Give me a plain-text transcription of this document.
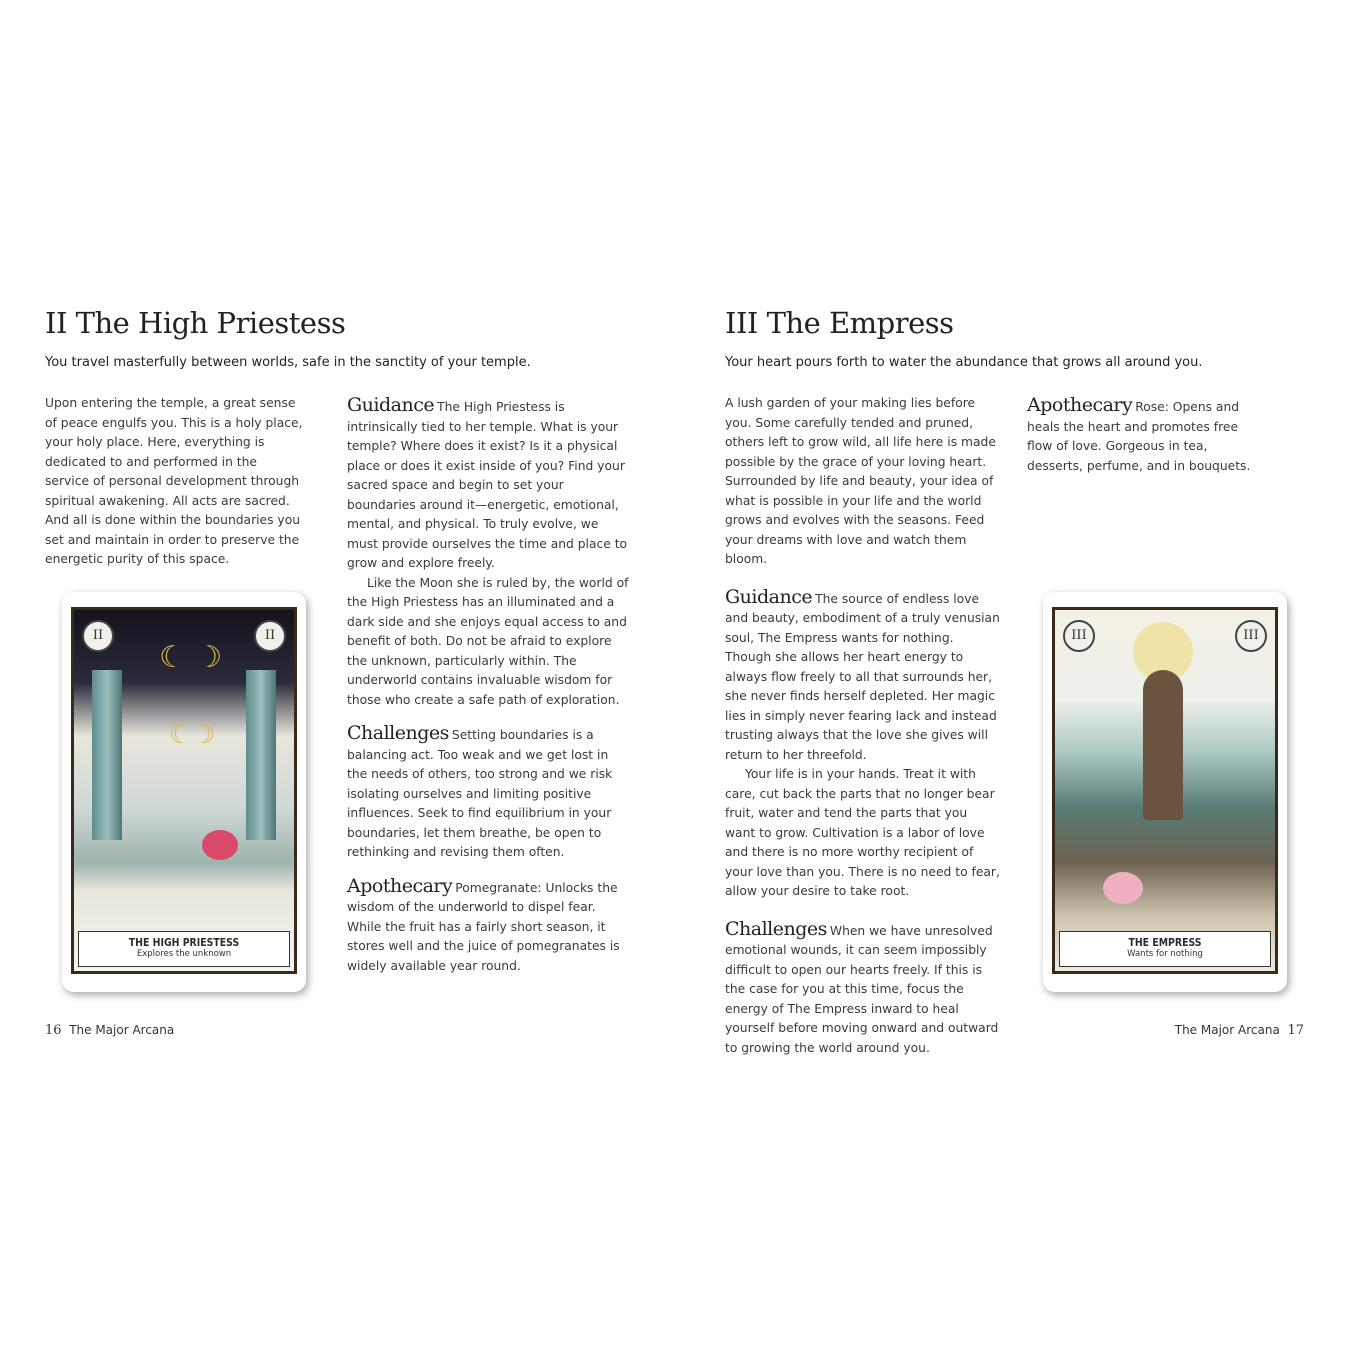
II The High Priestess
You travel masterfully between worlds, safe in the sanctity of your temple.

Upon entering the temple, a great sense of peace engulfs you. This is a holy place, your holy place. Here, everything is dedicated to and performed in the service of personal development through spiritual awakening. All acts are sacred. And all is done within the boundaries you set and maintain in order to preserve the energetic purity of this space.

Guidance The High Priestess is intrinsically tied to her temple. What is your temple? Where does it exist? Is it a physical place or does it exist inside of you? Find your sacred space and begin to set your boundaries around it—energetic, emotional, mental, and physical. To truly evolve, we must provide ourselves the time and place to grow and explore freely.

Like the Moon she is ruled by, the world of the High Priestess has an illuminated and a dark side and she enjoys equal access to and benefit of both. Do not be afraid to explore the unknown, particularly within. The underworld contains invaluable wisdom for those who create a safe path of exploration.

Challenges Setting boundaries is a balancing act. Too weak and we get lost in the needs of others, too strong and we risk isolating ourselves and limiting positive influences. Seek to find equilibrium in your boundaries, let them breathe, be open to rethinking and revising them often.

Apothecary Pomegranate: Unlocks the wisdom of the underworld to dispel fear. While the fruit has a fairly short season, it stores well and the juice of pomegranates is widely available year round.

☾ ☽
☾☽
II	II
THE HIGH PRIESTESS
Explores the unknown
16 The Major Arcana
III The Empress
Your heart pours forth to water the abundance that grows all around you.

A lush garden of your making lies before you. Some carefully tended and pruned, others left to grow wild, all life here is made possible by the grace of your loving heart. Surrounded by life and beauty, your idea of what is possible in your life and the world grows and evolves with the seasons. Feed your dreams with love and watch them bloom.

Guidance The source of endless love and beauty, embodiment of a truly venusian soul, The Empress wants for nothing. Though she allows her heart energy to always flow freely to all that surrounds her, she never finds herself depleted. Her magic lies in simply never fearing lack and instead trusting always that the love she gives will return to her threefold.

Your life is in your hands. Treat it with care, cut back the parts that no longer bear fruit, water and tend the parts that you want to grow. Cultivation is a labor of love and there is no more worthy recipient of your love than you. There is no need to fear, allow your desire to take root.

Challenges When we have unresolved emotional wounds, it can seem impossibly difficult to open our hearts freely. If this is the case for you at this time, focus the energy of The Empress inward to heal yourself before moving onward and outward to growing the world around you.

Apothecary Rose: Opens and heals the heart and promotes free flow of love. Gorgeous in tea, desserts, perfume, and in bouquets.

III	III
THE EMPRESS
Wants for nothing
The Major Arcana 17
